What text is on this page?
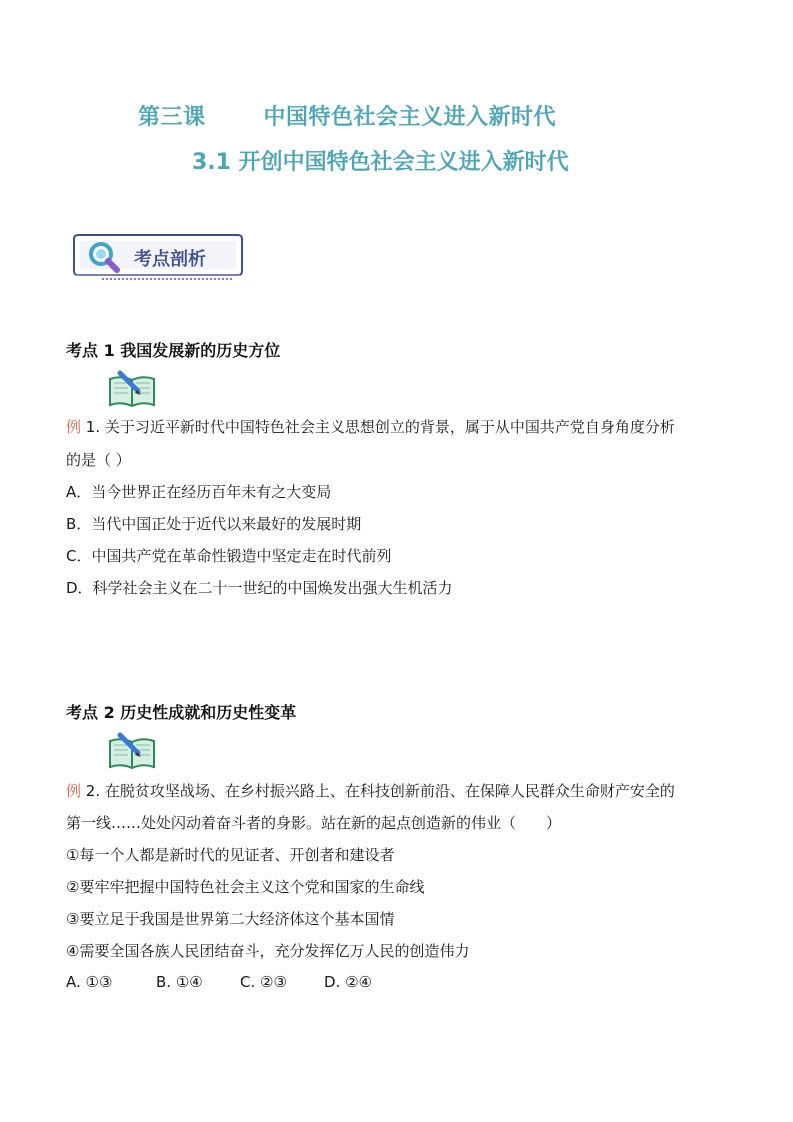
第三课	中国特色社会主义进入新时代
3.1 开创中国特色社会主义进入新时代
考点剖析
考点 1 我国发展新的历史方位
例 1. 关于习近平新时代中国特色社会主义思想创立的背景，属于从中国共产党自身角度分析
的是（ ）
A．当今世界正在经历百年未有之大变局
B．当代中国正处于近代以来最好的发展时期
C．中国共产党在革命性锻造中坚定走在时代前列
D．科学社会主义在二十一世纪的中国焕发出强大生机活力
考点 2 历史性成就和历史性变革
例 2. 在脱贫攻坚战场、在乡村振兴路上、在科技创新前沿、在保障人民群众生命财产安全的
第一线……处处闪动着奋斗者的身影。站在新的起点创造新的伟业（　　）
①每一个人都是新时代的见证者、开创者和建设者
②要牢牢把握中国特色社会主义这个党和国家的生命线
③要立足于我国是世界第二大经济体这个基本国情
④需要全国各族人民团结奋斗，充分发挥亿万人民的创造伟力
A. ①③	B. ①④ C. ②③ D. ②④
